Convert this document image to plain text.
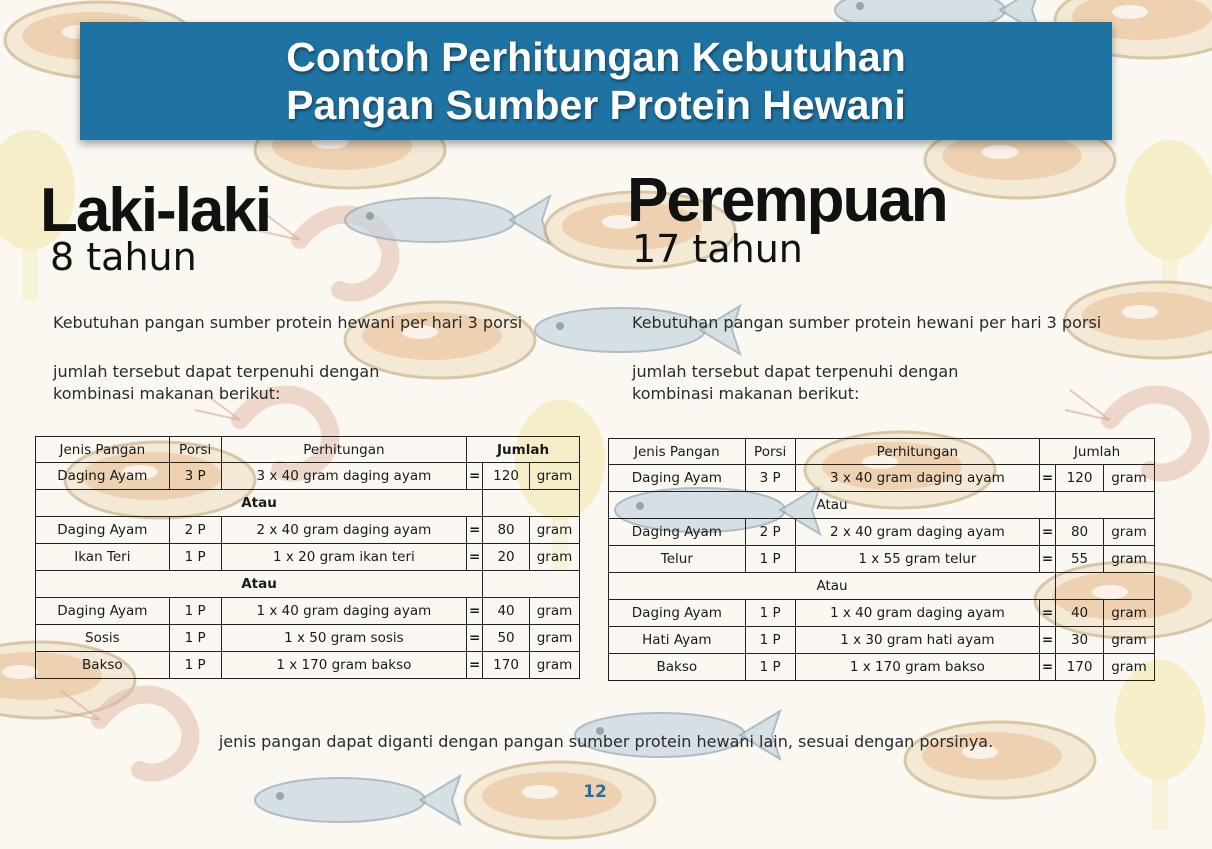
Contoh Perhitungan Kebutuhan
Pangan Sumber Protein Hewani
Laki-laki
8 tahun
Kebutuhan pangan sumber protein hewani per hari 3 porsi
jumlah tersebut dapat terpenuhi dengan
kombinasi makanan berikut:
Jenis Pangan	Porsi	Perhitungan	Jumlah		
Daging Ayam	3 P	3 x 40 gram daging ayam	=	120	gram
Atau					
Daging Ayam	2 P	2 x 40 gram daging ayam	=	80	gram
Ikan Teri	1 P	1 x 20 gram ikan teri	=	20	gram
Atau					
Daging Ayam	1 P	1 x 40 gram daging ayam	=	40	gram
Sosis	1 P	1 x 50 gram sosis	=	50	gram
Bakso	1 P	1 x 170 gram bakso	=	170	gram
Perempuan
17 tahun
Kebutuhan pangan sumber protein hewani per hari 3 porsi
jumlah tersebut dapat terpenuhi dengan
kombinasi makanan berikut:
Jenis Pangan	Porsi	Perhitungan	Jumlah		
Daging Ayam	3 P	3 x 40 gram daging ayam	=	120	gram
Atau					
Daging Ayam	2 P	2 x 40 gram daging ayam	=	80	gram
Telur	1 P	1 x 55 gram telur	=	55	gram
Atau					
Daging Ayam	1 P	1 x 40 gram daging ayam	=	40	gram
Hati Ayam	1 P	1 x 30 gram hati ayam	=	30	gram
Bakso	1 P	1 x 170 gram bakso	=	170	gram
jenis pangan dapat diganti dengan pangan sumber protein hewani lain, sesuai dengan porsinya.
12
